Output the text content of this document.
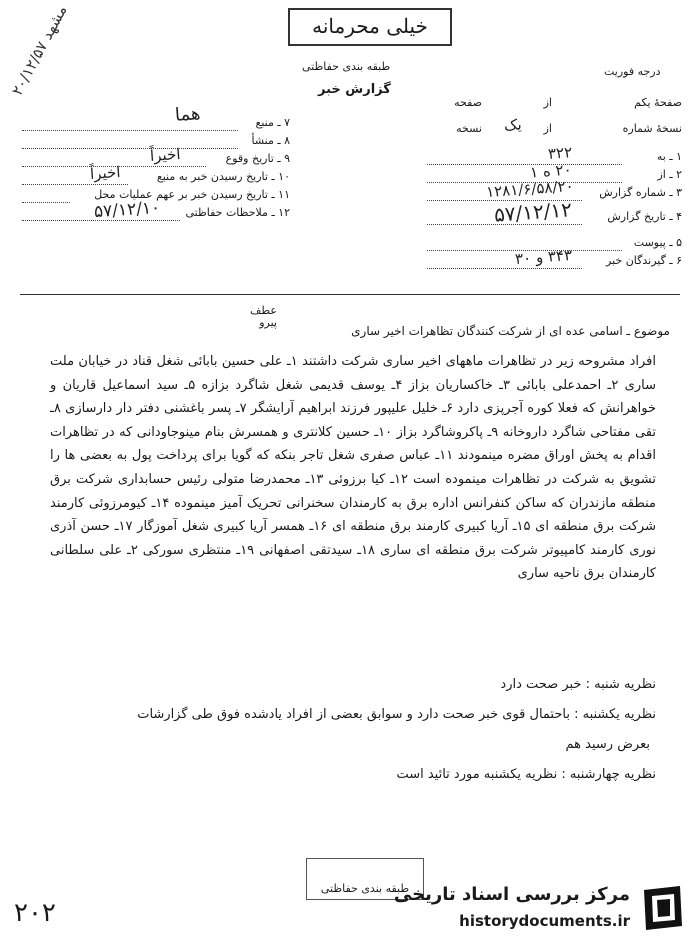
خیلی محرمانه
مشهد ۲۰/۱۲/۵۷
طبقه بندی حفاظتی
گزارش خبر
درجه فوریت
صفحهٔ یکم
از
صفحه
نسخهٔ شماره
یک از
نسخه
۱ ـ به
۳۲۲
۲ ـ از
۲۰ ه ۱
۳ ـ شماره گزارش
۱۲۸۱/۶/۵۸/۲۰
۴ ـ تاریخ گزارش
۵۷/۱۲/۱۲
۵ ـ پیوست
۶ ـ گیرندگان خبر
۳۴۳ و ۳۰
۷ ـ منبع
هما
۸ ـ منشأ
۹ ـ تاریخ وقوع
اخیراً
۱۰ ـ تاریخ رسیدن خبر به منبع
اخیراً
۱۱ ـ تاریخ رسیدن خبر بر عهم عملیات محل
۱۲ ـ ملاحظات حفاظتی
۵۷/۱۲/۱۰
عطف
پیرو
موضوع ـ اسامی عده ای از شرکت کنندگان تظاهرات اخیر ساری
افراد مشروحه زیر در تظاهرات ماههای اخیر ساری شرکت داشتند ۱ـ علی حسین بابائی شغل قناد در خیابان ملت ساری ۲ـ احمدعلی بابائی ۳ـ خاکساریان بزاز ۴ـ یوسف قدیمی شغل شاگرد بزازه ۵ـ سید اسماعیل قاریان و خواهرانش که فعلا کوره آجرپزی دارد ۶ـ خلیل علیپور فرزند ابراهیم آرایشگر ۷ـ پسر باغشنی دفتر دار دارسازی ۸ـ تقی مفتاحی شاگرد داروخانه ۹ـ پاکروشاگرد بزاز ۱۰ـ حسین کلانتری و همسرش بنام مینوجاودانی که در تظاهرات اقدام به پخش اوراق مضره مینمودند ۱۱ـ عباس صفری شغل تاجر بنکه که گویا برای پرداخت پول به بعضی ها را تشویق به شرکت در تظاهرات مینموده است ۱۲ـ کیا برزوئی ۱۳ـ محمدرضا متولی رئیس حسابداری شرکت برق منطقه مازندران که ساکن کنفرانس اداره برق به کارمندان سخنرانی تحریک آمیز مینموده ۱۴ـ کیومرزوئی کارمند شرکت برق منطقه ای ۱۵ـ آریا کبیری کارمند برق منطقه ای ۱۶ـ همسر آریا کبیری شغل آموزگار ۱۷ـ حسن آذری نوری کارمند کامپیوتر شرکت برق منطقه ای ساری ۱۸ـ سیدتقی اصفهانی ۱۹ـ منتظری سورکی ۲ـ علی سلطانی کارمندان برق ناحیه ساری
نظریه شنبه : خبر صحت دارد
نظریه یکشنبه : باحتمال قوی خبر صحت دارد و سوابق بعضی از افراد یادشده فوق طی گزارشات
بعرض رسید هم
نظریه چهارشنبه : نظریه یکشنبه مورد تائید است
طبقه بندی حفاظتی
۲۰۲
مرکز بررسی اسناد تاریخی
historydocuments.ir
